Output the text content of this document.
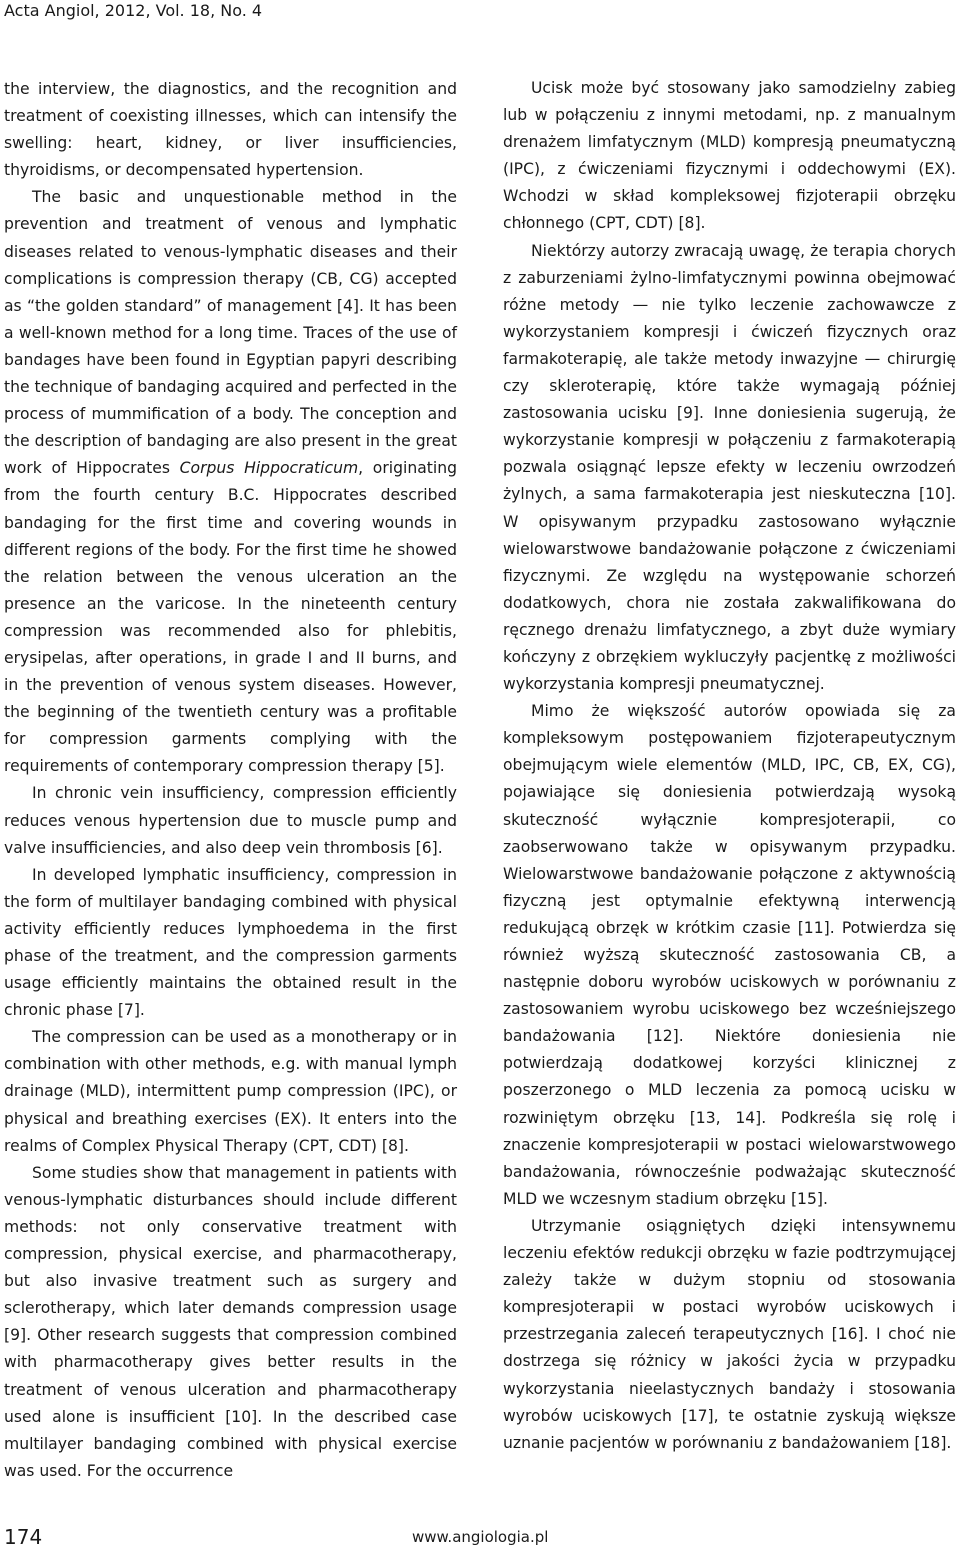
Acta Angiol, 2012, Vol. 18, No. 4

the interview, the diagnostics, and the recognition and treatment of coexisting illnesses, which can intensify the swelling: heart, kidney, or liver insufficiencies, thyroidisms, or decompensated hypertension.

The basic and unquestionable method in the prevention and treatment of venous and lymphatic diseases related to venous-lymphatic diseases and their complications is compression therapy (CB, CG) accepted as “the golden standard” of management [4]. It has been a well-known method for a long time. Traces of the use of bandages have been found in Egyptian papyri describing the technique of bandaging acquired and perfected in the process of mummification of a body. The conception and the description of bandaging are also present in the great work of Hippocrates Corpus Hippocraticum, originating from the fourth century B.C. Hippocrates described bandaging for the first time and covering wounds in different regions of the body. For the first time he showed the relation between the venous ulceration an the presence an the varicose. In the nineteenth century compression was recommended also for phlebitis, erysipelas, after operations, in grade I and II burns, and in the prevention of venous system diseases. However, the beginning of the twentieth century was a profitable for compression garments complying with the requirements of contemporary compression therapy [5].

In chronic vein insufficiency, compression efficiently reduces venous hypertension due to muscle pump and valve insufficiencies, and also deep vein thrombosis [6].

In developed lymphatic insufficiency, compression in the form of multilayer bandaging combined with physical activity efficiently reduces lymphoedema in the first phase of the treatment, and the compression garments usage efficiently maintains the obtained result in the chronic phase [7].

The compression can be used as a monotherapy or in combination with other methods, e.g. with manual lymph drainage (MLD), intermittent pump compression (IPC), or physical and breathing exercises (EX). It enters into the realms of Complex Physical Therapy (CPT, CDT) [8].

Some studies show that management in patients with venous-lymphatic disturbances should include different methods: not only conservative treatment with compression, physical exercise, and pharmacotherapy, but also invasive treatment such as surgery and sclerotherapy, which later demands compression usage [9]. Other research suggests that compression combined with pharmacotherapy gives better results in the treatment of venous ulceration and pharmacotherapy used alone is insufficient [10]. In the described case multilayer bandaging combined with physical exercise was used. For the occurrence

Ucisk może być stosowany jako samodzielny zabieg lub w połączeniu z innymi metodami, np. z manualnym drenażem limfatycznym (MLD) kompresją pneumatyczną (IPC), z ćwiczeniami fizycznymi i oddechowymi (EX). Wchodzi w skład kompleksowej fizjoterapii obrzęku chłonnego (CPT, CDT) [8].

Niektórzy autorzy zwracają uwagę, że terapia chorych z zaburzeniami żylno-limfatycznymi powinna obejmować różne metody — nie tylko leczenie zachowawcze z wykorzystaniem kompresji i ćwiczeń fizycznych oraz farmakoterapię, ale także metody inwazyjne — chirurgię czy skleroterapię, które także wymagają później zastosowania ucisku [9]. Inne doniesienia sugerują, że wykorzystanie kompresji w połączeniu z farmakoterapią pozwala osiągnąć lepsze efekty w leczeniu owrzodzeń żylnych, a sama farmakoterapia jest nieskuteczna [10]. W opisywanym przypadku zastosowano wyłącznie wielowarstwowe bandażowanie połączone z ćwiczeniami fizycznymi. Ze względu na występowanie schorzeń dodatkowych, chora nie została zakwalifikowana do ręcznego drenażu limfatycznego, a zbyt duże wymiary kończyny z obrzękiem wykluczyły pacjentkę z możliwości wykorzystania kompresji pneumatycznej.

Mimo że większość autorów opowiada się za kompleksowym postępowaniem fizjoterapeutycznym obejmującym wiele elementów (MLD, IPC, CB, EX, CG), pojawiające się doniesienia potwierdzają wysoką skuteczność wyłącznie kompresjoterapii, co zaobserwowano także w opisywanym przypadku. Wielowarstwowe bandażowanie połączone z aktywnością fizyczną jest optymalnie efektywną interwencją redukującą obrzęk w krótkim czasie [11]. Potwierdza się również wyższą skuteczność zastosowania CB, a następnie doboru wyrobów uciskowych w porównaniu z zastosowaniem wyrobu uciskowego bez wcześniejszego bandażowania [12]. Niektóre doniesienia nie potwierdzają dodatkowej korzyści klinicznej z poszerzonego o MLD leczenia za pomocą ucisku w rozwiniętym obrzęku [13, 14]. Podkreśla się rolę i znaczenie kompresjoterapii w postaci wielowarstwowego bandażowania, równocześnie podważając skuteczność MLD we wczesnym stadium obrzęku [15].

Utrzymanie osiągniętych dzięki intensywnemu leczeniu efektów redukcji obrzęku w fazie podtrzymującej zależy także w dużym stopniu od stosowania kompresjoterapii w postaci wyrobów uciskowych i przestrzegania zaleceń terapeutycznych [16]. I choć nie dostrzega się różnicy w jakości życia w przypadku wykorzystania nieelastycznych bandaży i stosowania wyrobów uciskowych [17], te ostatnie zyskują większe uznanie pacjentów w porównaniu z bandażowaniem [18].

174	www.angiologia.pl
